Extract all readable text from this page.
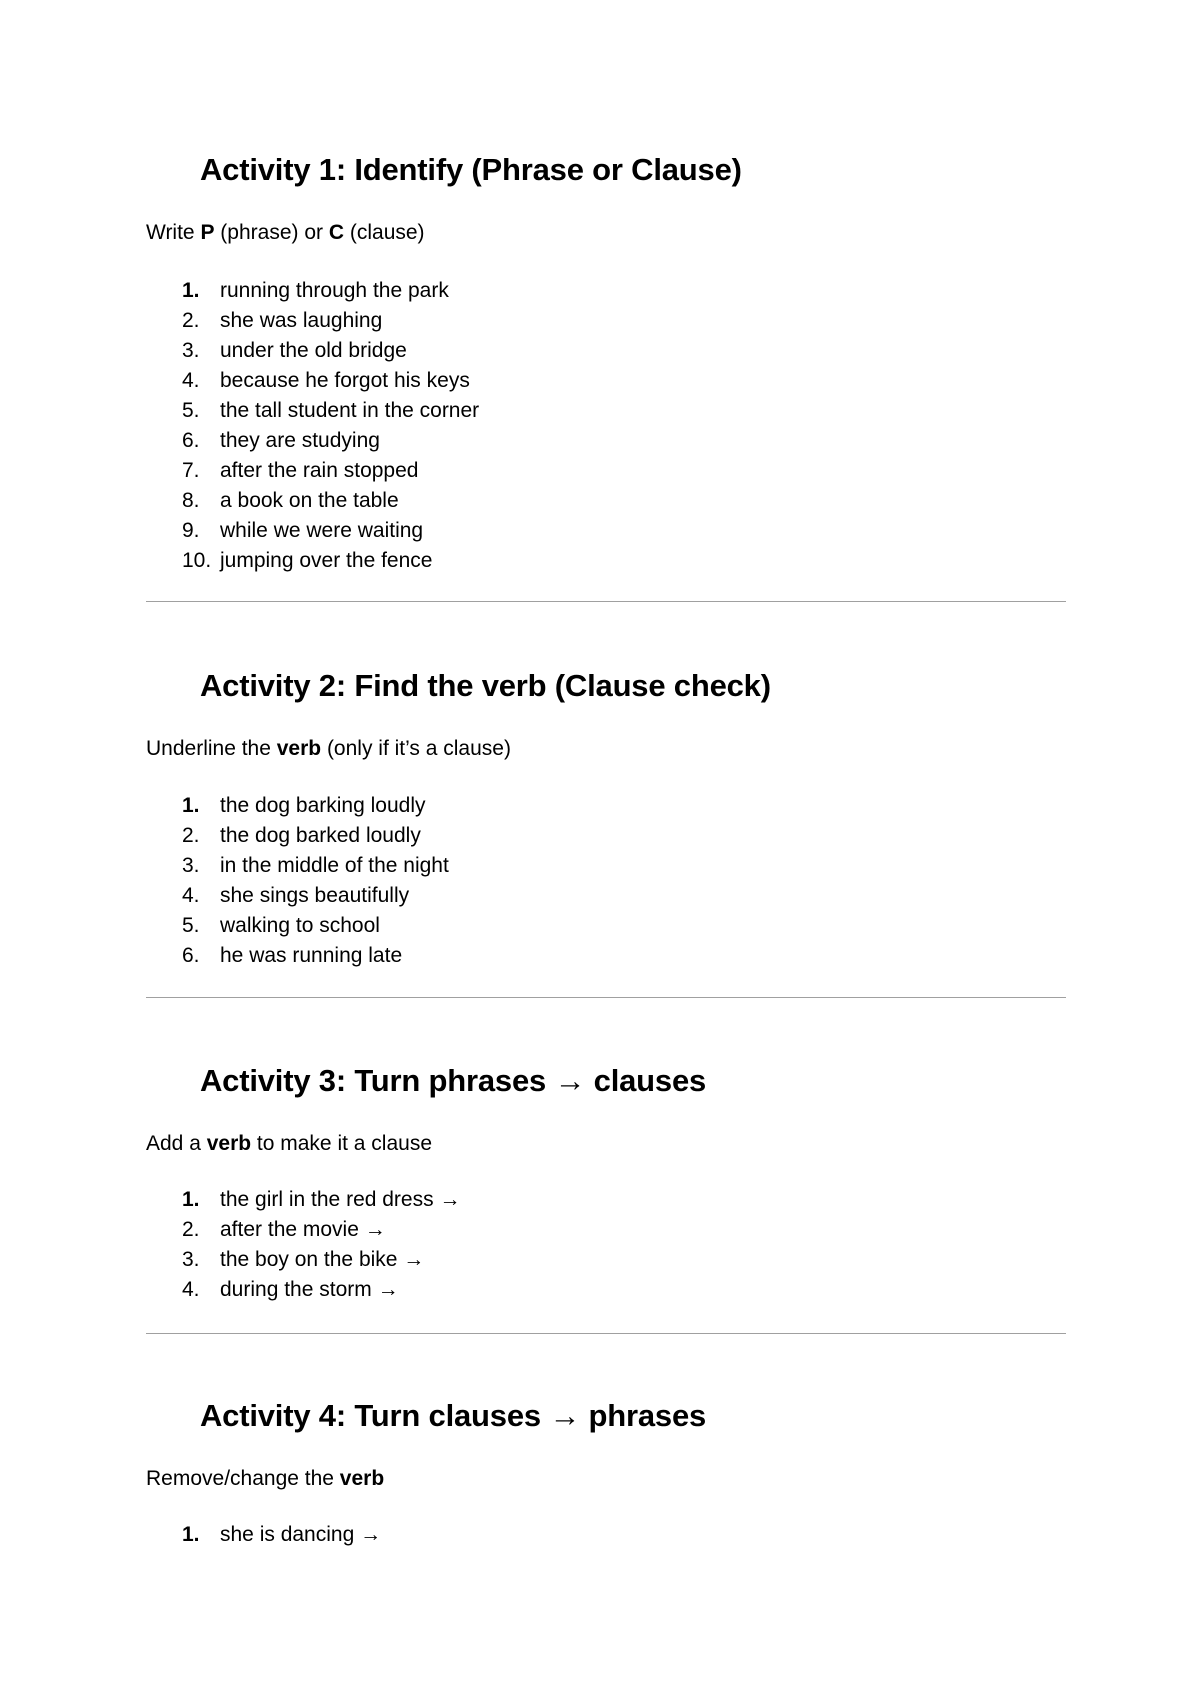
Activity 1: Identify (Phrase or Clause)

Write P (phrase) or C (clause)

1. running through the park
2. she was laughing
3. under the old bridge
4. because he forgot his keys
5. the tall student in the corner
6. they are studying
7. after the rain stopped
8. a book on the table
9. while we were waiting
10. jumping over the fence
Activity 2: Find the verb (Clause check)

Underline the verb (only if it’s a clause)

1. the dog barking loudly
2. the dog barked loudly
3. in the middle of the night
4. she sings beautifully
5. walking to school
6. he was running late
Activity 3: Turn phrases → clauses

Add a verb to make it a clause

1. the girl in the red dress →
2. after the movie →
3. the boy on the bike →
4. during the storm →
Activity 4: Turn clauses → phrases

Remove/change the verb

1. she is dancing →
